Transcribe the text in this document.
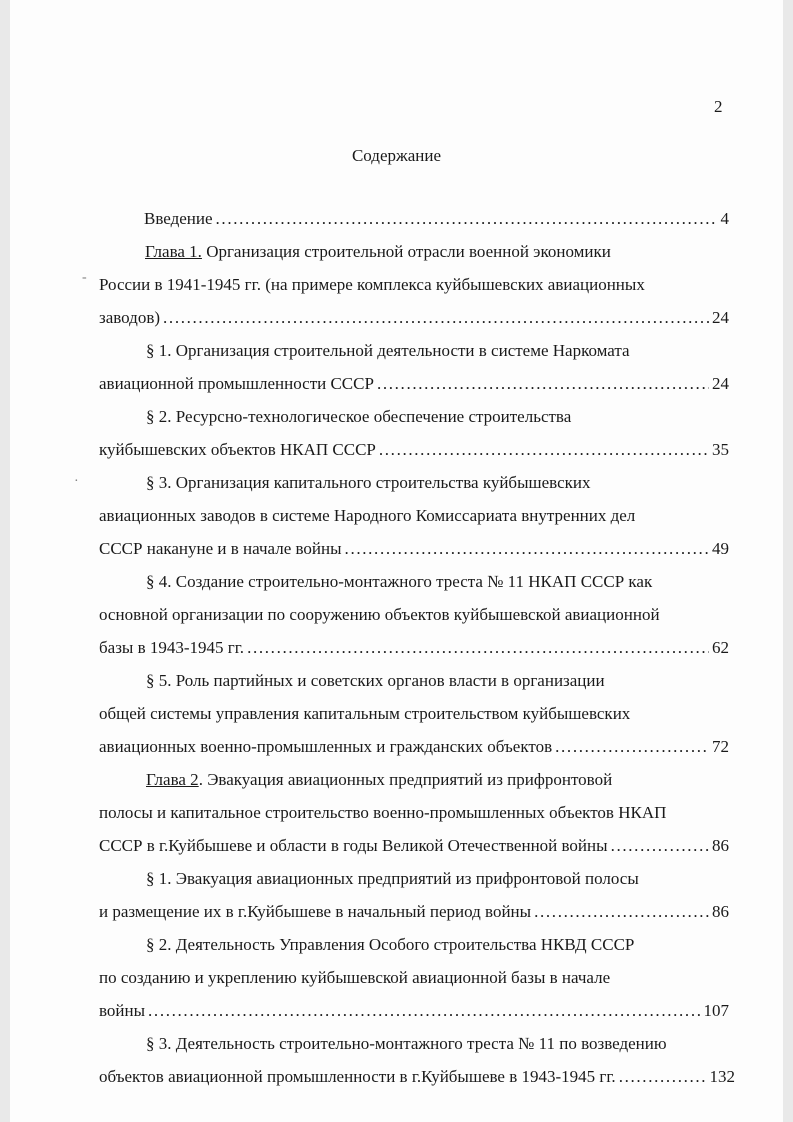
-
·
2
Содержание
Введение . . .	4
Глава 1. Организация строительной отрасли военной экономики
России в 1941-1945 гг. (на примере комплекса куйбышевских авиационных
заводов) . . .	24
§ 1. Организация строительной деятельности в системе Наркомата
авиационной промышленности СССР . . .	24
§ 2. Ресурсно-технологическое обеспечение строительства
куйбышевских объектов НКАП СССР . . .	35
§ 3. Организация капитального строительства куйбышевских
авиационных заводов в системе Народного Комиссариата внутренних дел
СССР накануне и в начале войны . . .	49
§ 4. Создание строительно-монтажного треста № 11 НКАП СССР как
основной организации по сооружению объектов куйбышевской авиационной
базы в 1943-1945 гг. . . .	62
§ 5. Роль партийных и советских органов власти в организации
общей системы управления капитальным строительством куйбышевских
авиационных военно-промышленных и гражданских объектов . . .	72
Глава 2. Эвакуация авиационных предприятий из прифронтовой
полосы и капитальное строительство военно-промышленных объектов НКАП
СССР в г.Куйбышеве и области в годы Великой Отечественной войны . . .	86
§ 1. Эвакуация авиационных предприятий из прифронтовой полосы
и размещение их в г.Куйбышеве в начальный период войны . . .	86
§ 2. Деятельность Управления Особого строительства НКВД СССР
по созданию и укреплению куйбышевской авиационной базы в начале
войны . . .	107
§ 3. Деятельность строительно-монтажного треста № 11 по возведению
объектов авиационной промышленности в г.Куйбышеве в 1943-1945 гг. . . .	132
